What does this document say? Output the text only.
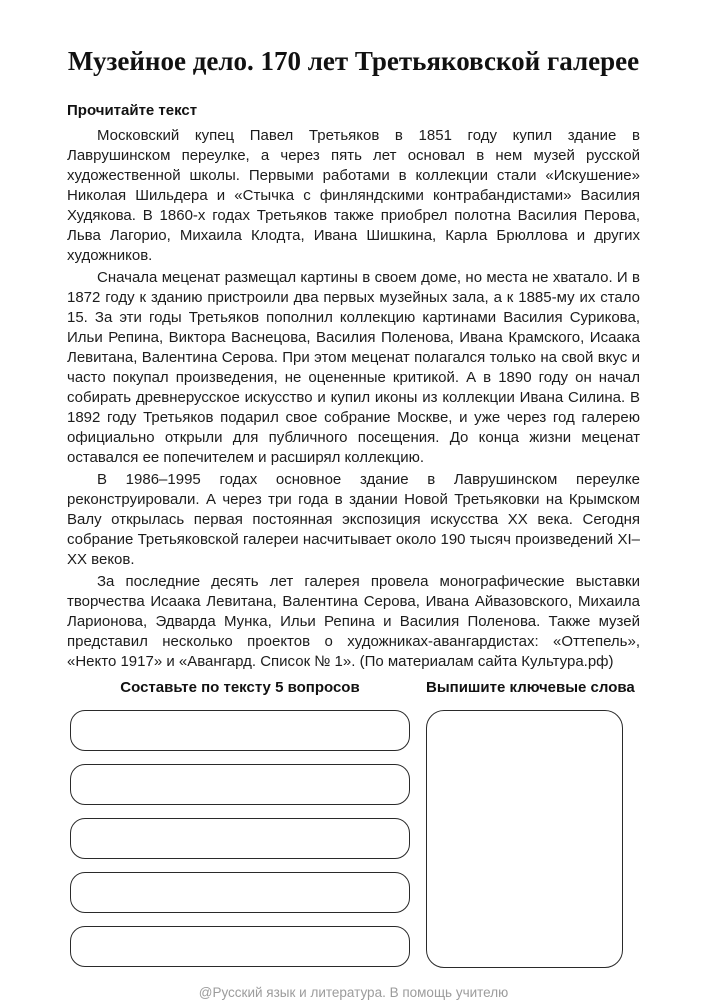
Музейное дело. 170 лет Третьяковской галерее
Прочитайте текст

Московский купец Павел Третьяков в 1851 году купил здание в Лаврушинском переулке, а через пять лет основал в нем музей русской художественной школы. Первыми работами в коллекции стали «Искушение» Николая Шильдера и «Стычка с финляндскими контрабандистами» Василия Худякова. В 1860-х годах Третьяков также приобрел полотна Василия Перова, Льва Лагорио, Михаила Клодта, Ивана Шишкина, Карла Брюллова и других художников.

Сначала меценат размещал картины в своем доме, но места не хватало. И в 1872 году к зданию пристроили два первых музейных зала, а к 1885-му их стало 15. За эти годы Третьяков пополнил коллекцию картинами Василия Сурикова, Ильи Репина, Виктора Васнецова, Василия Поленова, Ивана Крамского, Исаака Левитана, Валентина Серова. При этом меценат полагался только на свой вкус и часто покупал произведения, не оцененные критикой. А в 1890 году он начал собирать древнерусское искусство и купил иконы из коллекции Ивана Силина. В 1892 году Третьяков подарил свое собрание Москве, и уже через год галерею официально открыли для публичного посещения. До конца жизни меценат оставался ее попечителем и расширял коллекцию.

В 1986–1995 годах основное здание в Лаврушинском переулке реконструировали. А через три года в здании Новой Третьяковки на Крымском Валу открылась первая постоянная экспозиция искусства XX века. Сегодня собрание Третьяковской галереи насчитывает около 190 тысяч произведений XI–XX веков.

За последние десять лет галерея провела монографические выставки творчества Исаака Левитана, Валентина Серова, Ивана Айвазовского, Михаила Ларионова, Эдварда Мунка, Ильи Репина и Василия Поленова. Также музей представил несколько проектов о художниках-авангардистах: «Оттепель», «Некто 1917» и «Авангард. Список № 1». (По материалам сайта Культура.рф)

Составьте по тексту 5 вопросов	Выпишите ключевые слова
@Русский язык и литература. В помощь учителю
